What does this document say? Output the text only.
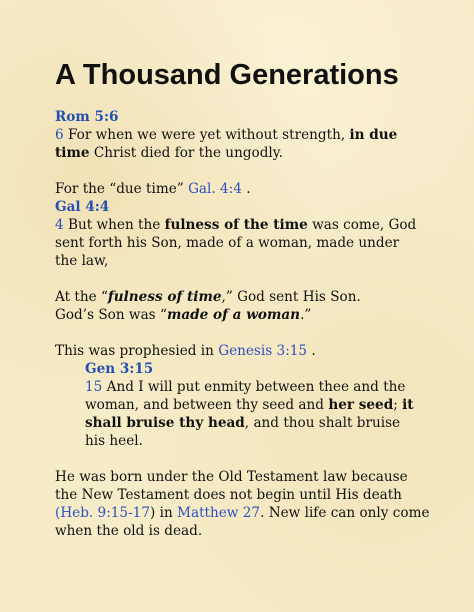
A Thousand Generations
Rom 5:6
6 For when we were yet without strength, in due
time Christ died for the ungodly.
For the “due time” Gal. 4:4 .
Gal 4:4
4 But when the fulness of the time was come, God
sent forth his Son, made of a woman, made under
the law,
At the “fulness of time,” God sent His Son.
God’s Son was “made of a woman.”
This was prophesied in Genesis 3:15 .
Gen 3:15
15 And I will put enmity between thee and the
woman, and between thy seed and her seed; it
shall bruise thy head, and thou shalt bruise
his heel.
He was born under the Old Testament law because
the New Testament does not begin until His death
(Heb. 9:15-17) in Matthew 27. New life can only come
when the old is dead.
